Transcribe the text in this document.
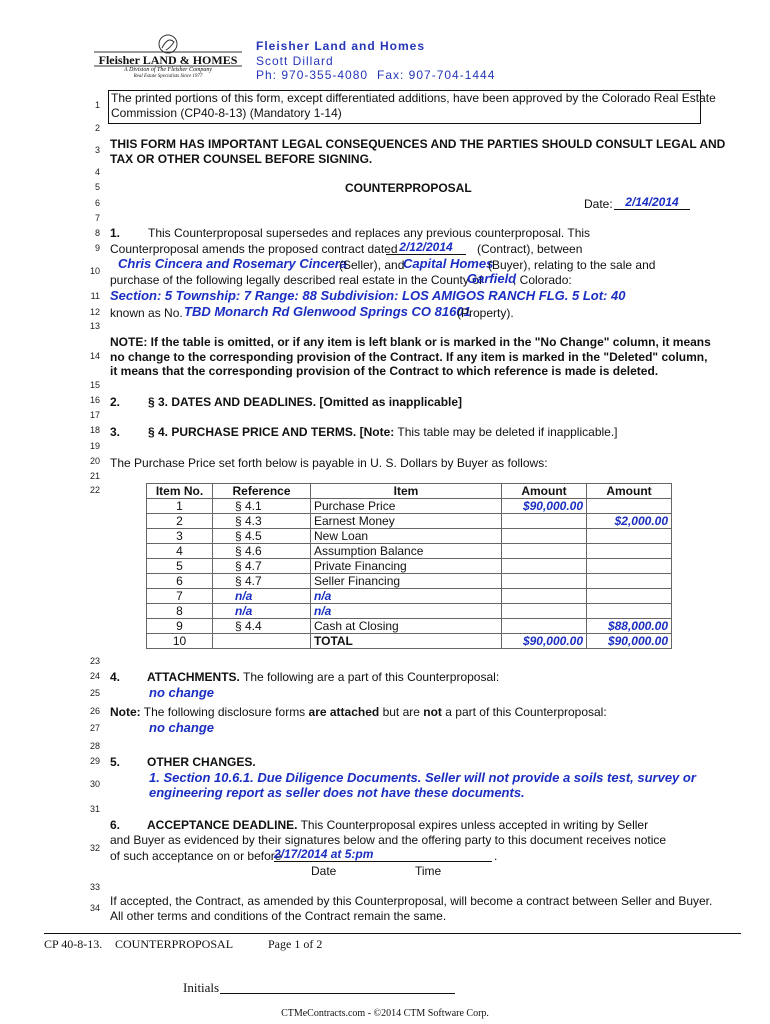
Fleisher LAND & HOMES
A Division of The Fleisher Company
Real Estate Specialists Since 1977
Fleisher Land and Homes
Scott Dillard
Ph: 970-355-4080 Fax: 907-704-1444
1
2
3
4
5
6
7
8
9
10
11
12
13
14
15
16
17
18
19
20
21
22
23
24
25
26
27
28
29
30
31
32
33
34
The printed portions of this form, except differentiated additions, have been approved by the Colorado Real Estate
Commission (CP40-8-13) (Mandatory 1-14)
THIS FORM HAS IMPORTANT LEGAL CONSEQUENCES AND THE PARTIES SHOULD CONSULT LEGAL AND
TAX OR OTHER COUNSEL BEFORE SIGNING.
COUNTERPROPOSAL
Date:	2/14/2014
1. This Counterproposal supersedes and replaces any previous counterproposal. This
Counterproposal amends the proposed contract dated 2/12/2014	(Contract), between
Chris Cincera and Rosemary Cincera
(Seller), and
Capital Homes
(Buyer), relating to the sale and
purchase of the following legally described real estate in the County of
Garfield
, Colorado:
Section: 5 Township: 7 Range: 88 Subdivision: LOS AMIGOS RANCH FLG. 5 Lot: 40
known as No. TBD Monarch Rd Glenwood Springs CO 81601
(Property).
NOTE: If the table is omitted, or if any item is left blank or is marked in the "No Change" column, it means
no change to the corresponding provision of the Contract. If any item is marked in the "Deleted" column,
it means that the corresponding provision of the Contract to which reference is made is deleted.
2. § 3. DATES AND DEADLINES. [Omitted as inapplicable]
3. § 4. PURCHASE PRICE AND TERMS. [Note: This table may be deleted if inapplicable.]
The Purchase Price set forth below is payable in U. S. Dollars by Buyer as follows:
Item No.	Reference	Item	Amount	Amount
1	§ 4.1	Purchase Price	$90,000.00	
2	§ 4.3	Earnest Money		$2,000.00
3	§ 4.5	New Loan		
4	§ 4.6	Assumption Balance		
5	§ 4.7	Private Financing		
6	§ 4.7	Seller Financing		
7	n/a	n/a		
8	n/a	n/a		
9	§ 4.4	Cash at Closing		$88,000.00
10		TOTAL	$90,000.00	$90,000.00
4. ATTACHMENTS. The following are a part of this Counterproposal:
no change
Note: The following disclosure forms are attached but are not a part of this Counterproposal:
no change
5. OTHER CHANGES.
1. Section 10.6.1. Due Diligence Documents. Seller will not provide a soils test, survey or
engineering report as seller does not have these documents.
6. ACCEPTANCE DEADLINE. This Counterproposal expires unless accepted in writing by Seller
and Buyer as evidenced by their signatures below and the offering party to this document receives notice
of such acceptance on or before
2/17/2014 at 5:pm	.
Date	Time
If accepted, the Contract, as amended by this Counterproposal, will become a contract between Seller and Buyer.
All other terms and conditions of the Contract remain the same.
CP 40-8-13. COUNTERPROPOSAL	Page 1 of 2
Initials
CTMeContracts.com - ©2014 CTM Software Corp.
